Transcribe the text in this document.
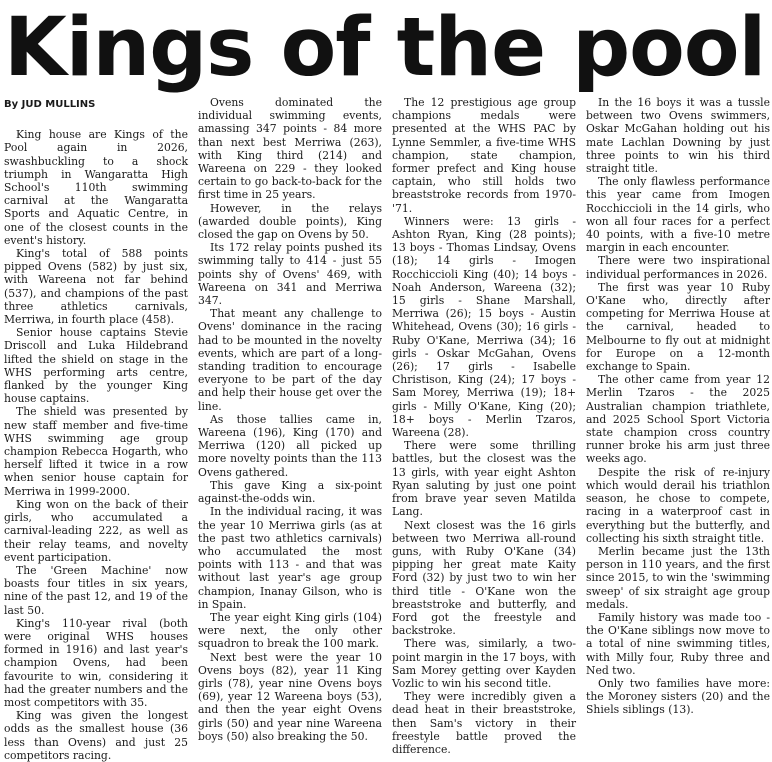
Kings of the pool
By JUD MULLINS

King house are Kings of the Pool again in 2026, swashbuckling to a shock triumph in Wangaratta High School's 110th swimming carnival at the Wangaratta Sports and Aquatic Centre, in one of the closest counts in the event's history.

King's total of 588 points pipped Ovens (582) by just six, with Wareena not far behind (537), and champions of the past three athletics carnivals, Merriwa, in fourth place (458).

Senior house captains Stevie Driscoll and Luka Hildebrand lifted the shield on stage in the WHS performing arts centre, flanked by the younger King house captains.

The shield was presented by new staff member and five-time WHS swimming age group champion Rebecca Hogarth, who herself lifted it twice in a row when senior house captain for Merriwa in 1999-2000.

King won on the back of their girls, who accumulated a carnival-leading 222, as well as their relay teams, and novelty event participation.

The 'Green Machine' now boasts four titles in six years, nine of the past 12, and 19 of the last 50.

King's 110-year rival (both were original WHS houses formed in 1916) and last year's champion Ovens, had been favourite to win, considering it had the greater numbers and the most competitors with 35.

King was given the longest odds as the smallest house (36 less than Ovens) and just 25 competitors racing.

Ovens dominated the individual swimming events, amassing 347 points - 84 more than next best Merriwa (263), with King third (214) and Wareena on 229 - they looked certain to go back-to-back for the first time in 25 years.

However, in the relays (awarded double points), King closed the gap on Ovens by 50.

Its 172 relay points pushed its swimming tally to 414 - just 55 points shy of Ovens' 469, with Wareena on 341 and Merriwa 347.

That meant any challenge to Ovens' dominance in the racing had to be mounted in the novelty events, which are part of a long-standing tradition to encourage everyone to be part of the day and help their house get over the line.

As those tallies came in, Wareena (196), King (170) and Merriwa (120) all picked up more novelty points than the 113 Ovens gathered.

This gave King a six-point against-the-odds win.

In the individual racing, it was the year 10 Merriwa girls (as at the past two athletics carnivals) who accumulated the most points with 113 - and that was without last year's age group champion, Inanay Gilson, who is in Spain.

The year eight King girls (104) were next, the only other squadron to break the 100 mark.

Next best were the year 10 Ovens boys (82), year 11 King girls (78), year nine Ovens boys (69), year 12 Wareena boys (53), and then the year eight Ovens girls (50) and year nine Wareena boys (50) also breaking the 50.

The 12 prestigious age group champions medals were presented at the WHS PAC by Lynne Semmler, a five-time WHS champion, state champion, former prefect and King house captain, who still holds two breaststroke records from 1970-'71.

Winners were: 13 girls - Ashton Ryan, King (28 points); 13 boys - Thomas Lindsay, Ovens (18); 14 girls - Imogen Rocchiccioli King (40); 14 boys - Noah Anderson, Wareena (32); 15 girls - Shane Marshall, Merriwa (26); 15 boys - Austin Whitehead, Ovens (30); 16 girls - Ruby O'Kane, Merriwa (34); 16 girls - Oskar McGahan, Ovens (26); 17 girls - Isabelle Christison, King (24); 17 boys - Sam Morey, Merriwa (19); 18+ girls - Milly O'Kane, King (20); 18+ boys - Merlin Tzaros, Wareena (28).

There were some thrilling battles, but the closest was the 13 girls, with year eight Ashton Ryan saluting by just one point from brave year seven Matilda Lang.

Next closest was the 16 girls between two Merriwa all-round guns, with Ruby O'Kane (34) pipping her great mate Kaity Ford (32) by just two to win her third title - O'Kane won the breaststroke and butterfly, and Ford got the freestyle and backstroke.

There was, similarly, a two-point margin in the 17 boys, with Sam Morey getting over Kayden Vozlic to win his second title.

They were incredibly given a dead heat in their breaststroke, then Sam's victory in their freestyle battle proved the difference.

In the 16 boys it was a tussle between two Ovens swimmers, Oskar McGahan holding out his mate Lachlan Downing by just three points to win his third straight title.

The only flawless performance this year came from Imogen Rocchiccioli in the 14 girls, who won all four races for a perfect 40 points, with a five-10 metre margin in each encounter.

There were two inspirational individual performances in 2026.

The first was year 10 Ruby O'Kane who, directly after competing for Merriwa House at the carnival, headed to Melbourne to fly out at midnight for Europe on a 12-month exchange to Spain.

The other came from year 12 Merlin Tzaros - the 2025 Australian champion triathlete, and 2025 School Sport Victoria state champion cross country runner broke his arm just three weeks ago.

Despite the risk of re-injury which would derail his triathlon season, he chose to compete, racing in a waterproof cast in everything but the butterfly, and collecting his sixth straight title.

Merlin became just the 13th person in 110 years, and the first since 2015, to win the 'swimming sweep' of six straight age group medals.

Family history was made too - the O'Kane siblings now move to a total of nine swimming titles, with Milly four, Ruby three and Ned two.

Only two families have more: the Moroney sisters (20) and the Shiels siblings (13).
